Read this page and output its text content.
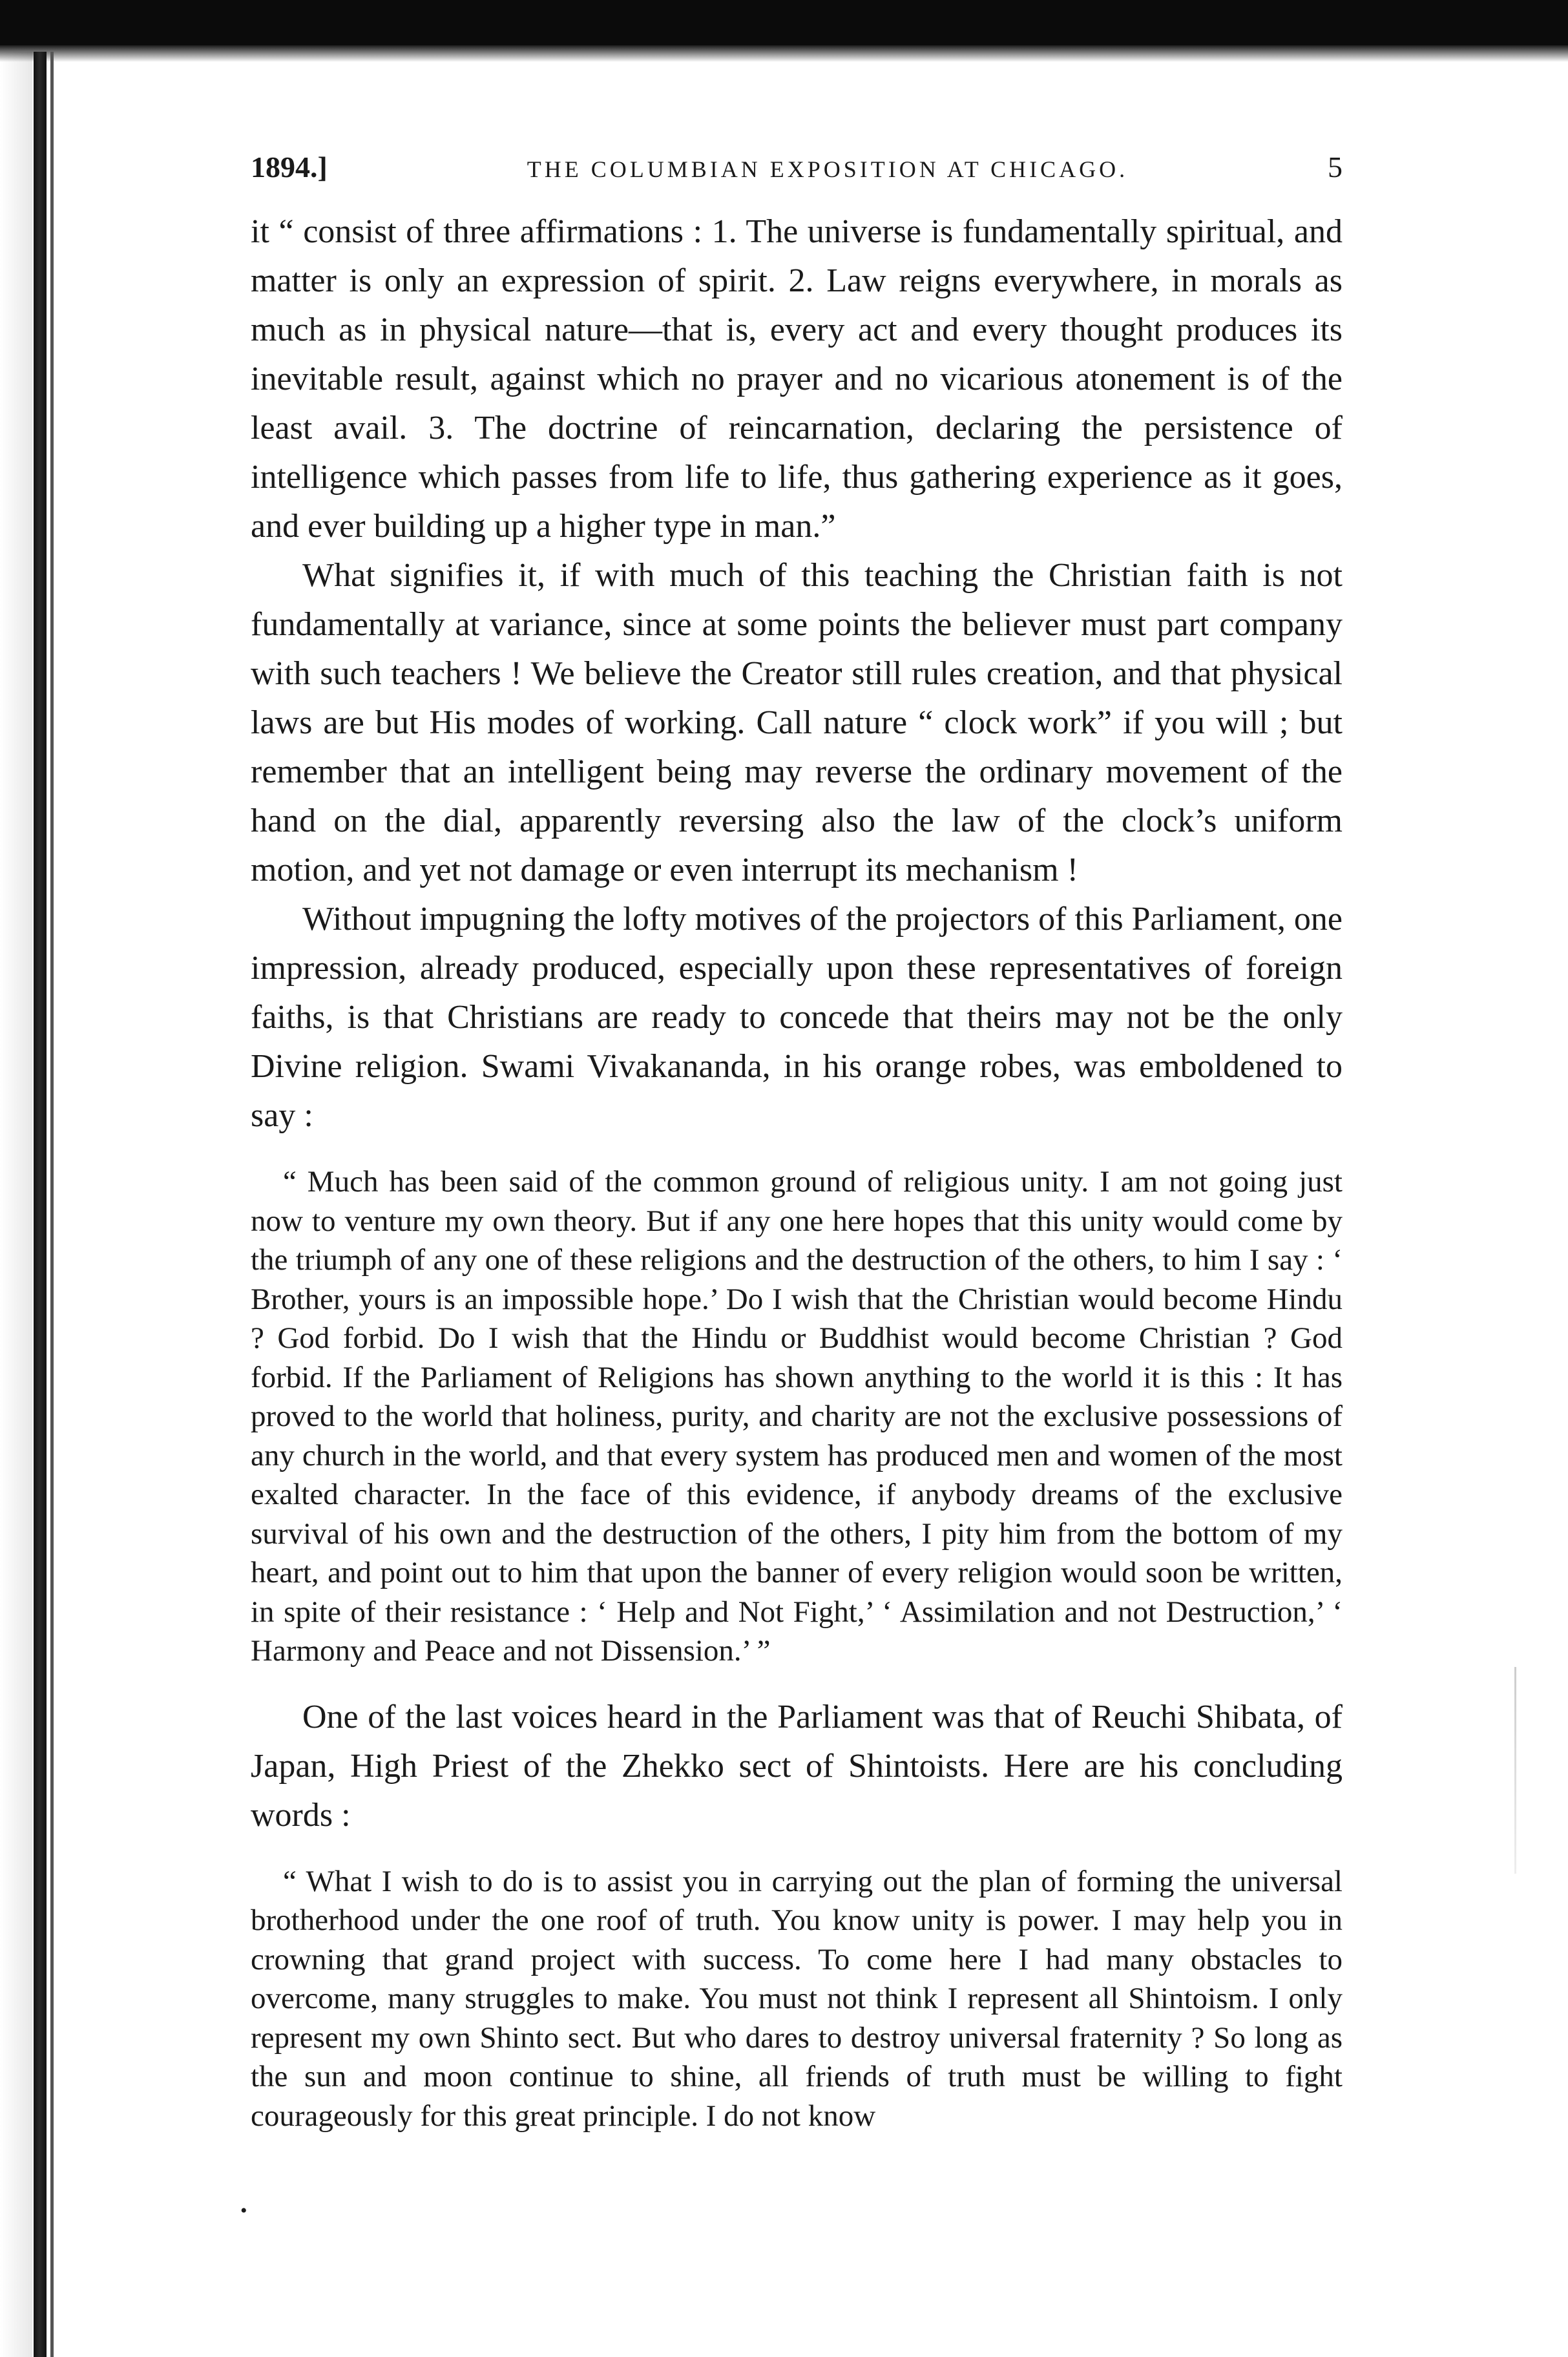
1894.]	THE COLUMBIAN EXPOSITION AT CHICAGO.	5

it “ consist of three affirmations : 1. The universe is fundamentally spiritual, and matter is only an expression of spirit. 2. Law reigns everywhere, in morals as much as in physical nature—that is, every act and every thought produces its inevitable result, against which no prayer and no vicarious atonement is of the least avail. 3. The doctrine of reincarnation, declaring the persistence of intelligence which passes from life to life, thus gathering experience as it goes, and ever building up a higher type in man.”

What signifies it, if with much of this teaching the Christian faith is not fundamentally at variance, since at some points the believer must part company with such teachers ! We believe the Creator still rules creation, and that physical laws are but His modes of working. Call nature “ clock work” if you will ; but remember that an intelligent being may reverse the ordinary movement of the hand on the dial, apparently reversing also the law of the clock’s uniform motion, and yet not damage or even interrupt its mechanism !

Without impugning the lofty motives of the projectors of this Parliament, one impression, already produced, especially upon these representatives of foreign faiths, is that Christians are ready to concede that theirs may not be the only Divine religion. Swami Vivakananda, in his orange robes, was emboldened to say :

“ Much has been said of the common ground of religious unity. I am not going just now to venture my own theory. But if any one here hopes that this unity would come by the triumph of any one of these religions and the destruction of the others, to him I say : ‘ Brother, yours is an impossible hope.’ Do I wish that the Christian would become Hindu ? God forbid. Do I wish that the Hindu or Buddhist would become Christian ? God forbid. If the Parliament of Religions has shown anything to the world it is this : It has proved to the world that holiness, purity, and charity are not the exclusive possessions of any church in the world, and that every system has produced men and women of the most exalted character. In the face of this evidence, if anybody dreams of the exclusive survival of his own and the destruction of the others, I pity him from the bottom of my heart, and point out to him that upon the banner of every religion would soon be written, in spite of their resistance : ‘ Help and Not Fight,’ ‘ Assimilation and not Destruction,’ ‘ Harmony and Peace and not Dissension.’ ”

One of the last voices heard in the Parliament was that of Reuchi Shibata, of Japan, High Priest of the Zhekko sect of Shintoists. Here are his concluding words :

“ What I wish to do is to assist you in carrying out the plan of forming the universal brotherhood under the one roof of truth. You know unity is power. I may help you in crowning that grand project with success. To come here I had many obstacles to overcome, many struggles to make. You must not think I represent all Shintoism. I only represent my own Shinto sect. But who dares to destroy universal fraternity ? So long as the sun and moon continue to shine, all friends of truth must be willing to fight courageously for this great principle. I do not know

•
